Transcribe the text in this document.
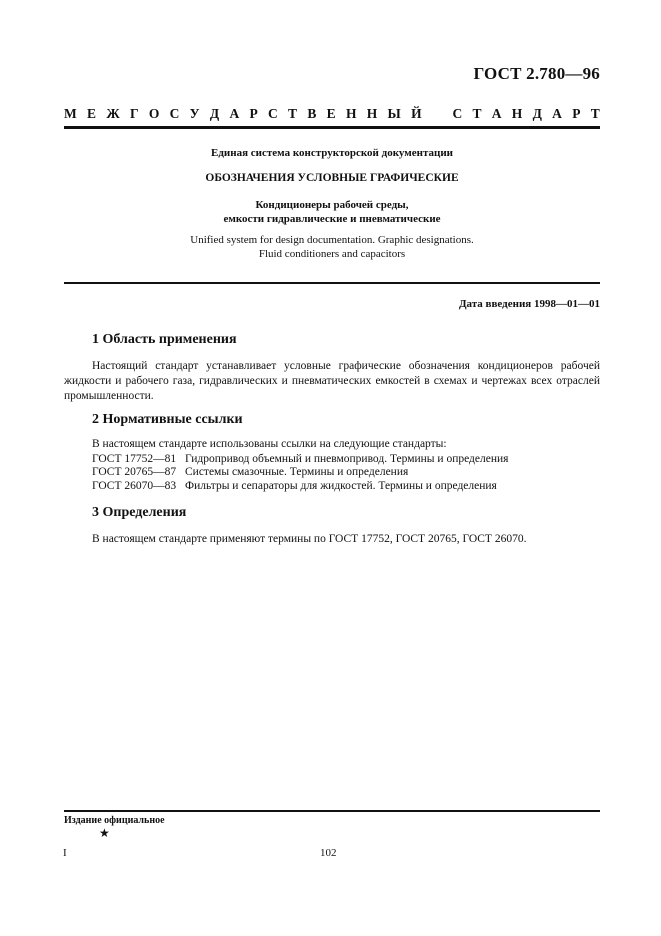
ГОСТ 2.780—96
М Е Ж Г О С У Д А Р С Т В Е Н Н Ы Й С Т А Н Д А Р Т
Единая система конструкторской документации
ОБОЗНАЧЕНИЯ УСЛОВНЫЕ ГРАФИЧЕСКИЕ
Кондиционеры рабочей среды,
емкости гидравлические и пневматические
Unified system for design documentation. Graphic designations.
Fluid conditioners and capacitors
Дата введения 1998—01—01
1 Область применения
Настоящий стандарт устанавливает условные графические обозначения кондиционеров рабочей жидкости и рабочего газа, гидравлических и пневматических емкостей в схемах и чертежах всех отраслей промышленности.
2 Нормативные ссылки
В настоящем стандарте использованы ссылки на следующие стандарты:
ГОСТ 17752—81 Гидропривод объемный и пневмопривод. Термины и определения
ГОСТ 20765—87 Системы смазочные. Термины и определения
ГОСТ 26070—83 Фильтры и сепараторы для жидкостей. Термины и определения
3 Определения
В настоящем стандарте применяют термины по ГОСТ 17752, ГОСТ 20765, ГОСТ 26070.
Издание официальное
★
I	102
